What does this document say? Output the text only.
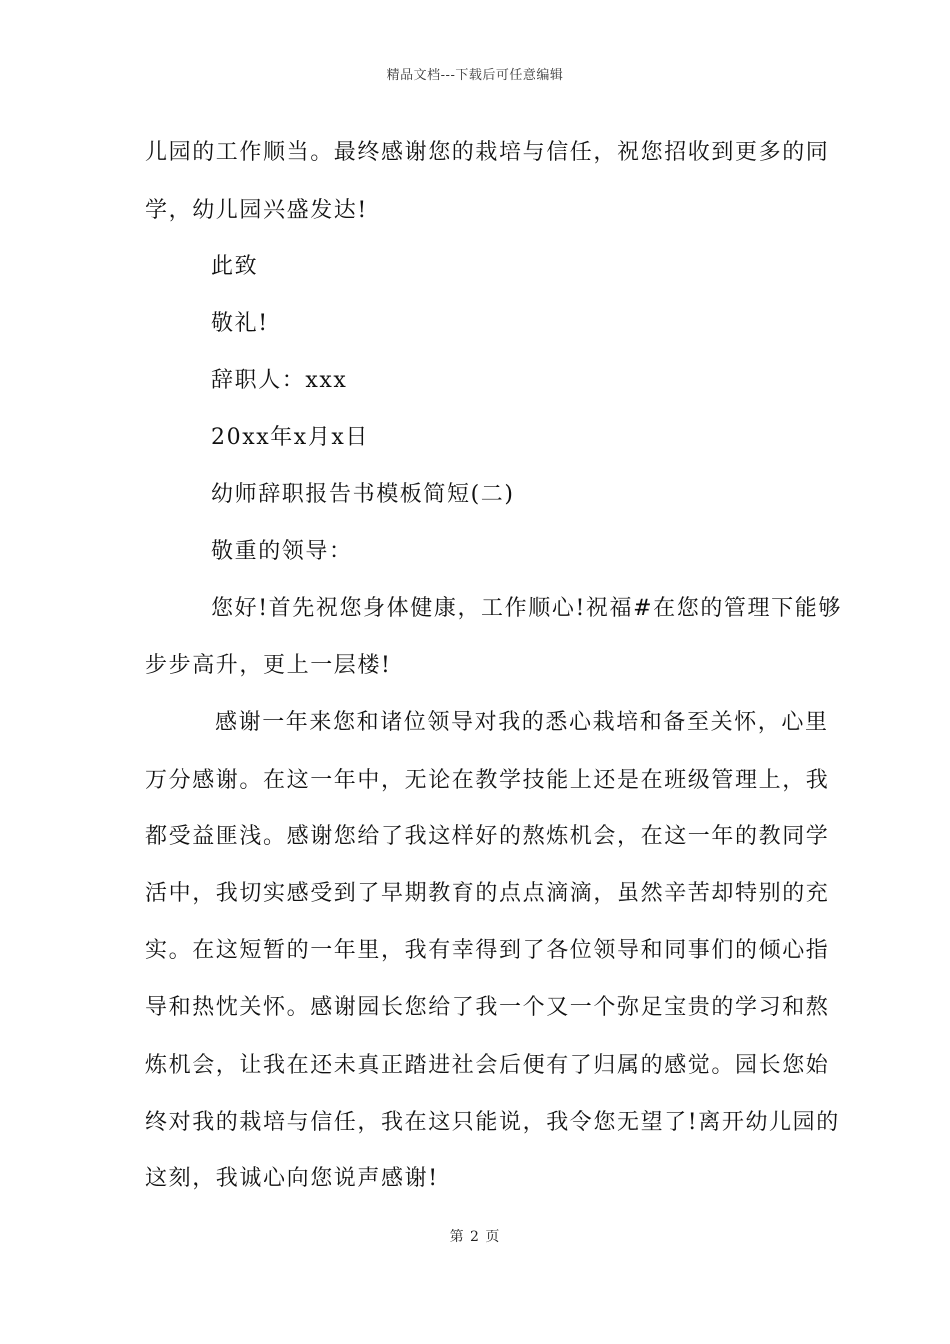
精品文档---下载后可任意编辑
儿园的工作顺当。最终感谢您的栽培与信任，祝您招收到更多的同
学，幼儿园兴盛发达!
此致
敬礼!
辞职人：xxx
20xx年x月x日
幼师辞职报告书模板简短(二)
敬重的领导：
您好!首先祝您身体健康，工作顺心!祝福#在您的管理下能够
步步高升，更上一层楼!
感谢一年来您和诸位领导对我的悉心栽培和备至关怀，心里
万分感谢。在这一年中，无论在教学技能上还是在班级管理上，我
都受益匪浅。感谢您给了我这样好的熬炼机会，在这一年的教同学
活中，我切实感受到了早期教育的点点滴滴，虽然辛苦却特别的充
实。在这短暂的一年里，我有幸得到了各位领导和同事们的倾心指
导和热忱关怀。感谢园长您给了我一个又一个弥足宝贵的学习和熬
炼机会，让我在还未真正踏进社会后便有了归属的感觉。园长您始
终对我的栽培与信任，我在这只能说，我令您无望了!离开幼儿园的
这刻，我诚心向您说声感谢!
第 2 页
